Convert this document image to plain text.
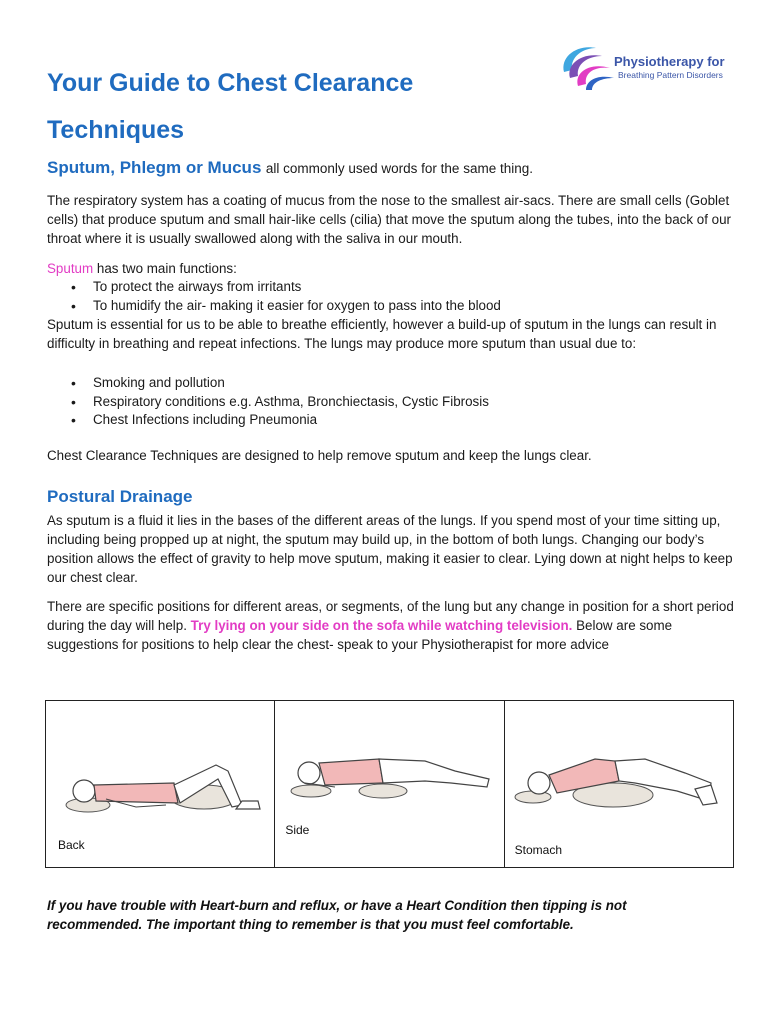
Physiotherapy for
Breathing Pattern Disorders
Your Guide to Chest Clearance
Techniques
Sputum, Phlegm or Mucus all commonly used words for the same thing.

The respiratory system has a coating of mucus from the nose to the smallest air-sacs. There are small cells (Goblet cells) that produce sputum and small hair-like cells (cilia) that move the sputum along the tubes, into the back of our throat where it is usually swallowed along with the saliva in our mouth.

Sputum has two main functions:

• To protect the airways from irritants
• To humidify the air- making it easier for oxygen to pass into the blood

Sputum is essential for us to be able to breathe efficiently, however a build-up of sputum in the lungs can result in difficulty in breathing and repeat infections. The lungs may produce more sputum than usual due to:

• Smoking and pollution
• Respiratory conditions e.g. Asthma, Bronchiectasis, Cystic Fibrosis
• Chest Infections including Pneumonia

Chest Clearance Techniques are designed to help remove sputum and keep the lungs clear.

Postural Drainage

As sputum is a fluid it lies in the bases of the different areas of the lungs. If you spend most of your time sitting up, including being propped up at night, the sputum may build up, in the bottom of both lungs. Changing our body’s position allows the effect of gravity to help move sputum, making it easier to clear. Lying down at night helps to keep our chest clear.

There are specific positions for different areas, or segments, of the lung but any change in position for a short period during the day will help. Try lying on your side on the sofa while watching television. Below are some suggestions for positions to help clear the chest- speak to your Physiotherapist for more advice

Back
Side
Stomach

If you have trouble with Heart-burn and reflux, or have a Heart Condition then tipping is not recommended. The important thing to remember is that you must feel comfortable.
